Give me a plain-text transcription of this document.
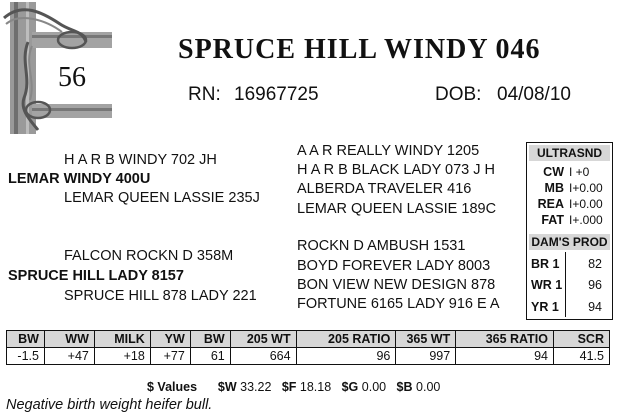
56
SPRUCE HILL WINDY 046
RN: 16967725	DOB: 04/08/10
H A R B WINDY 702 JH
LEMAR WINDY 400U
LEMAR QUEEN LASSIE 235J
A A R REALLY WINDY 1205
H A R B BLACK LADY 073 J H
ALBERDA TRAVELER 416
LEMAR QUEEN LASSIE 189C
FALCON ROCKN D 358M
SPRUCE HILL LADY 8157
SPRUCE HILL 878 LADY 221
ROCKN D AMBUSH 1531
BOYD FOREVER LADY 8003
BON VIEW NEW DESIGN 878
FORTUNE 6165 LADY 916 E A
ULTRASND
CW I +0
MB I+0.00
REA I+0.00
FAT I+.000
DAM'S PROD
BR 1 82
WR 1 96
YR 1 94
BW	WW	MILK	YW	BW	205 WT	205 RATIO	365 WT	365 RATIO	SCR
-1.5	+47	+18	+77	61	664	96	997	94	41.5
$ Values $W 33.22 $F 18.18 $G 0.00 $B 0.00
Negative birth weight heifer bull.
